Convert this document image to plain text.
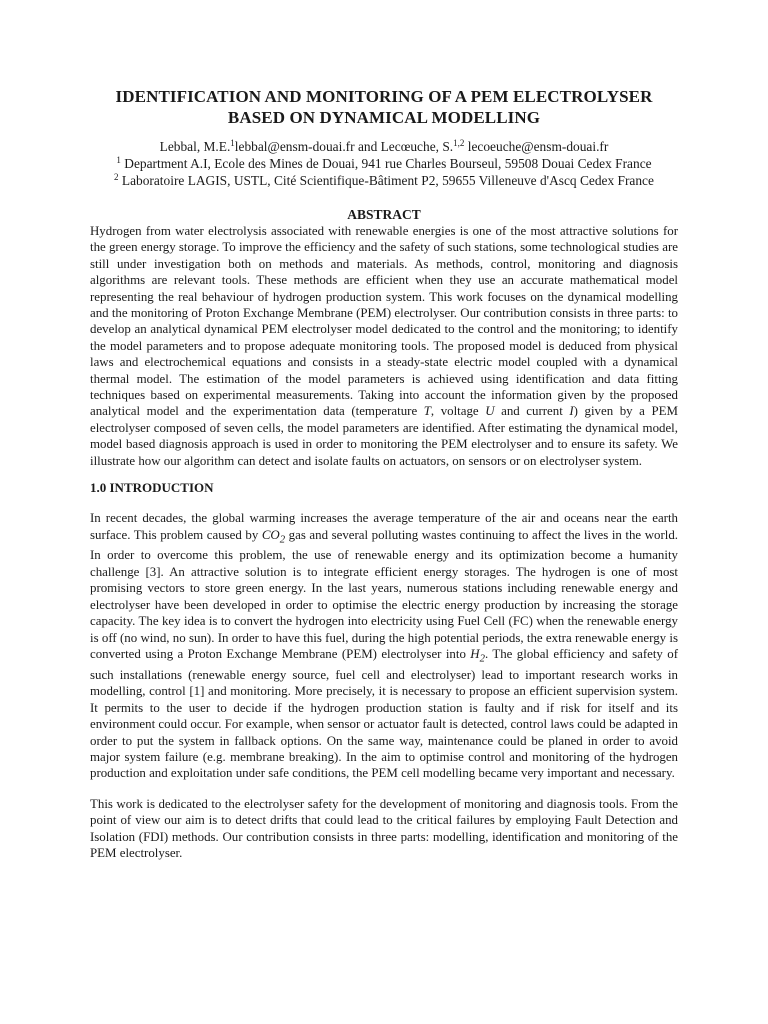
IDENTIFICATION AND MONITORING OF A PEM ELECTROLYSER
BASED ON DYNAMICAL MODELLING
Lebbal, M.E.$^1$lebbal@ensm-douai.fr and Lecœuche, S.$^{1,2}$ lecoeuche@ensm-douai.fr
$^1$ Department A.I, Ecole des Mines de Douai, 941 rue Charles Bourseul, 59508 Douai Cedex France
$^2$ Laboratoire LAGIS, USTL, Cité Scientifique-Bâtiment P2, 59655 Villeneuve d'Ascq Cedex France
ABSTRACT

Hydrogen from water electrolysis associated with renewable energies is one of the most attractive solutions for the green energy storage. To improve the efficiency and the safety of such stations, some technological studies are still under investigation both on methods and materials. As methods, control, monitoring and diagnosis algorithms are relevant tools. These methods are efficient when they use an accurate mathematical model representing the real behaviour of hydrogen production system. This work focuses on the dynamical modelling and the monitoring of Proton Exchange Membrane (PEM) electrolyser. Our contribution consists in three parts: to develop an analytical dynamical PEM electrolyser model dedicated to the control and the monitoring; to identify the model parameters and to propose adequate monitoring tools. The proposed model is deduced from physical laws and electrochemical equations and consists in a steady-state electric model coupled with a dynamical thermal model. The estimation of the model parameters is achieved using identification and data fitting techniques based on experimental measurements. Taking into account the information given by the proposed analytical model and the experimentation data (temperature T, voltage U and current I) given by a PEM electrolyser composed of seven cells, the model parameters are identified. After estimating the dynamical model, model based diagnosis approach is used in order to monitoring the PEM electrolyser and to ensure its safety. We illustrate how our algorithm can detect and isolate faults on actuators, on sensors or on electrolyser system.

1.0 INTRODUCTION

In recent decades, the global warming increases the average temperature of the air and oceans near the earth surface. This problem caused by $CO_2$ gas and several polluting wastes continuing to affect the lives in the world. In order to overcome this problem, the use of renewable energy and its optimization become a humanity challenge [3]. An attractive solution is to integrate efficient energy storages. The hydrogen is one of most promising vectors to store green energy. In the last years, numerous stations including renewable energy and electrolyser have been developed in order to optimise the electric energy production by increasing the storage capacity. The key idea is to convert the hydrogen into electricity using Fuel Cell (FC) when the renewable energy is off (no wind, no sun). In order to have this fuel, during the high potential periods, the extra renewable energy is converted using a Proton Exchange Membrane (PEM) electrolyser into $H_2$. The global efficiency and safety of such installations (renewable energy source, fuel cell and electrolyser) lead to important research works in modelling, control [1] and monitoring. More precisely, it is necessary to propose an efficient supervision system. It permits to the user to decide if the hydrogen production station is faulty and if risk for itself and its environment could occur. For example, when sensor or actuator fault is detected, control laws could be adapted in order to put the system in fallback options. On the same way, maintenance could be planed in order to avoid major system failure (e.g. membrane breaking). In the aim to optimise control and monitoring of the hydrogen production and exploitation under safe conditions, the PEM cell modelling became very important and necessary.

This work is dedicated to the electrolyser safety for the development of monitoring and diagnosis tools. From the point of view our aim is to detect drifts that could lead to the critical failures by employing Fault Detection and Isolation (FDI) methods. Our contribution consists in three parts: modelling, identification and monitoring of the PEM electrolyser.
